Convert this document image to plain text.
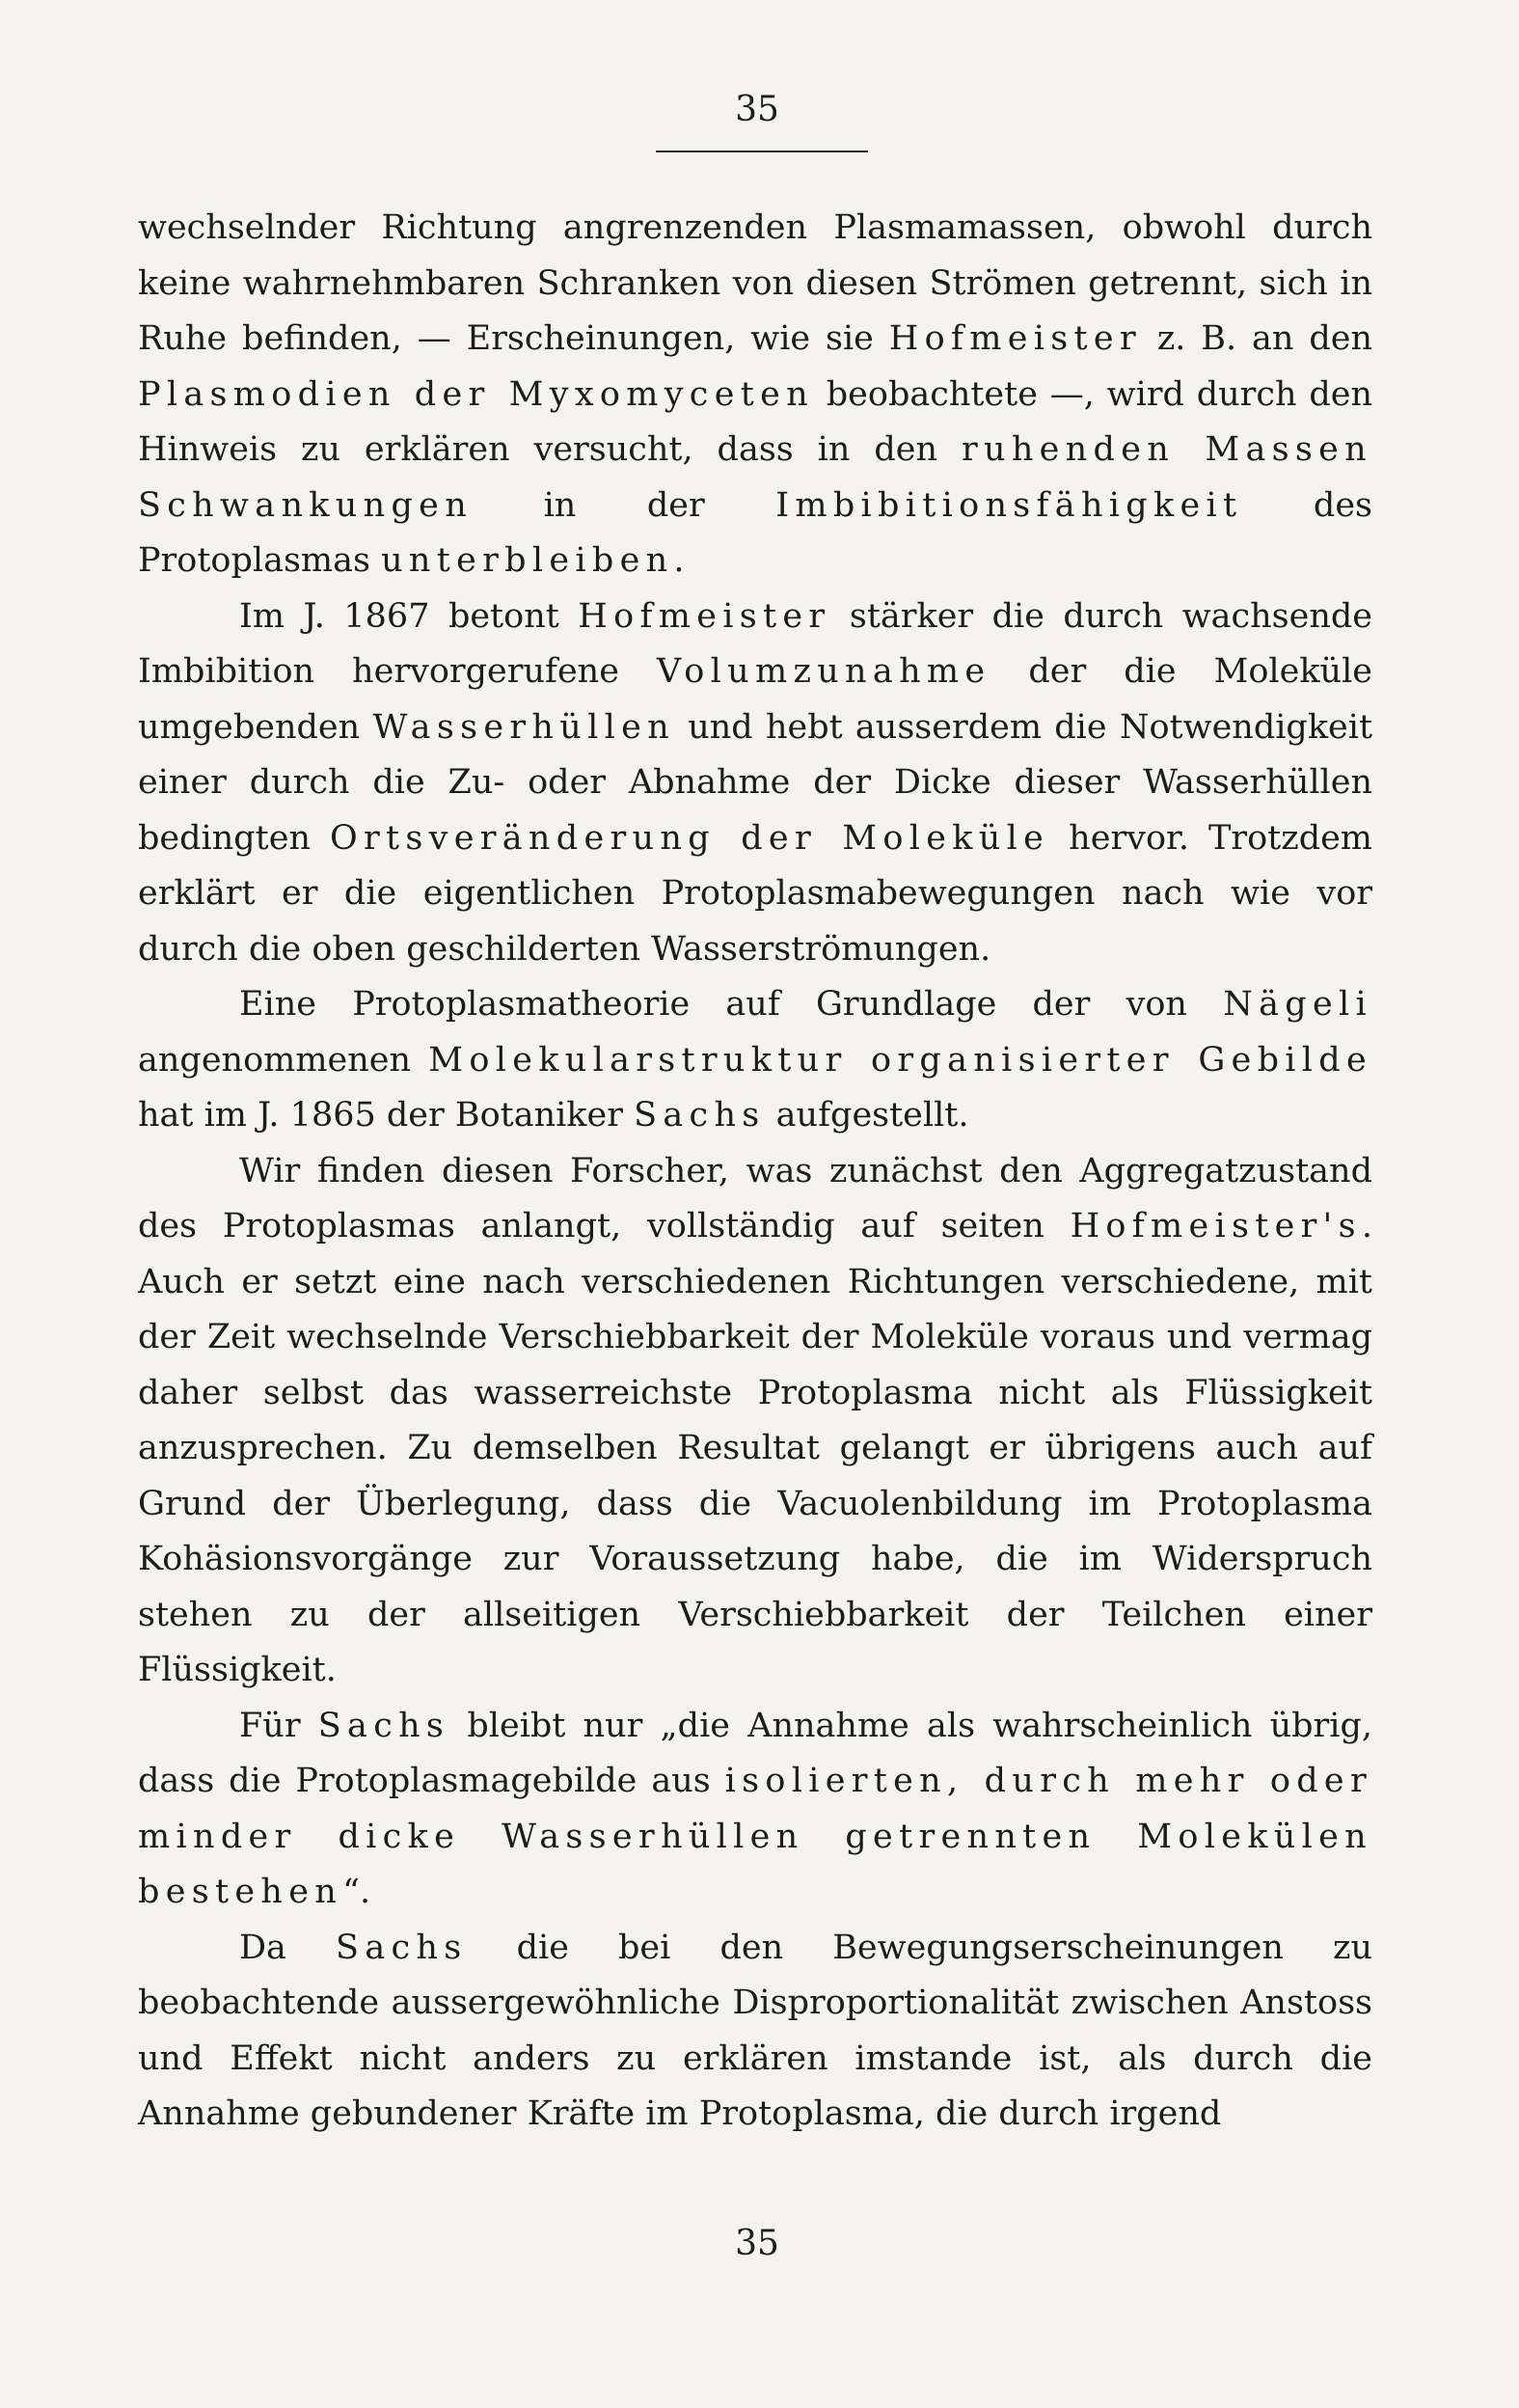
35

wechselnder Richtung angrenzenden Plasmamassen, obwohl durch keine wahrnehmbaren Schranken von diesen Strömen getrennt, sich in Ruhe befinden, — Erscheinungen, wie sie Hofmeister z. B. an den Plasmodien der Myxomyceten beobachtete —, wird durch den Hinweis zu erklären versucht, dass in den ruhenden Massen Schwankungen in der Imbibitionsfähigkeit des Protoplasmas unterbleiben.

Im J. 1867 betont Hofmeister stärker die durch wachsende Imbibition hervorgerufene Volumzunahme der die Moleküle umgebenden Wasserhüllen und hebt ausserdem die Notwendigkeit einer durch die Zu- oder Abnahme der Dicke dieser Wasserhüllen bedingten Ortsveränderung der Moleküle hervor. Trotzdem erklärt er die eigentlichen Protoplasmabewegungen nach wie vor durch die oben geschilderten Wasserströmungen.

Eine Protoplasmatheorie auf Grundlage der von Nägeli angenommenen Molekularstruktur organisierter Gebilde hat im J. 1865 der Botaniker Sachs aufgestellt.

Wir finden diesen Forscher, was zunächst den Aggregatzustand des Protoplasmas anlangt, vollständig auf seiten Hofmeister's. Auch er setzt eine nach verschiedenen Richtungen verschiedene, mit der Zeit wechselnde Verschiebbarkeit der Moleküle voraus und vermag daher selbst das wasserreichste Protoplasma nicht als Flüssigkeit anzusprechen. Zu demselben Resultat gelangt er übrigens auch auf Grund der Überlegung, dass die Vacuolenbildung im Protoplasma Kohäsionsvorgänge zur Voraussetzung habe, die im Widerspruch stehen zu der allseitigen Verschiebbarkeit der Teilchen einer Flüssigkeit.

Für Sachs bleibt nur „die Annahme als wahrscheinlich übrig, dass die Protoplasmagebilde aus isolierten, durch mehr oder minder dicke Wasserhüllen getrennten Molekülen bestehen“.

Da Sachs die bei den Bewegungserscheinungen zu beobachtende aussergewöhnliche Disproportionalität zwischen Anstoss und Effekt nicht anders zu erklären imstande ist, als durch die Annahme gebundener Kräfte im Protoplasma, die durch irgend

35
